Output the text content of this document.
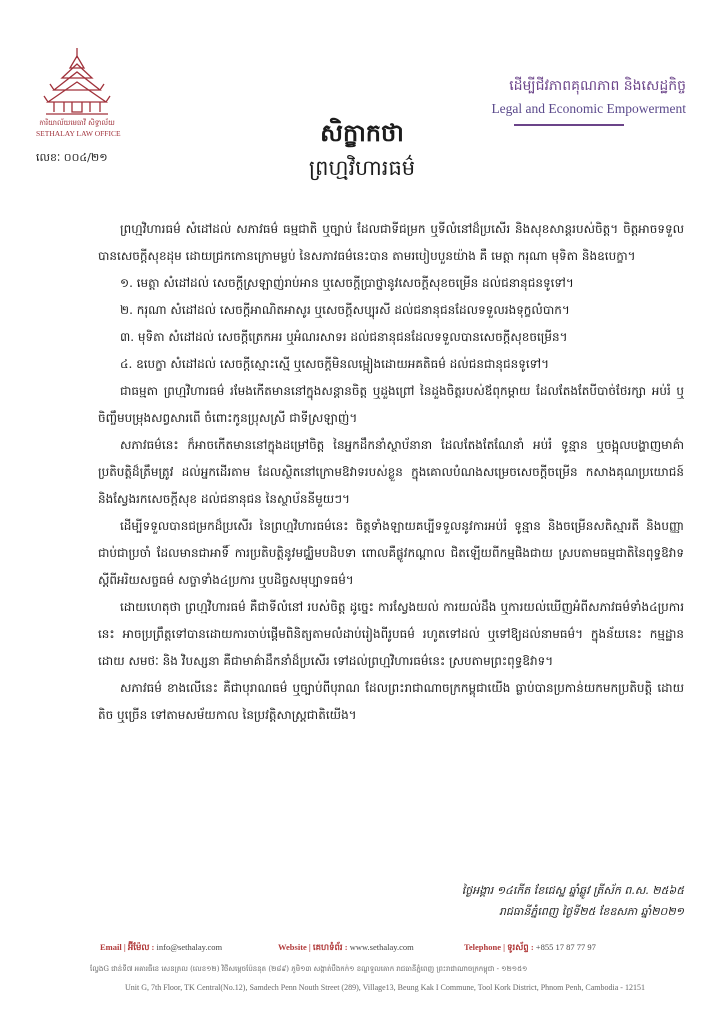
ការិយាល័យមេធាវី សិទ្ធាល័យ
SETHALAY LAW OFFICE
លេខៈ ០០៤/២១
ដើម្បីជីវភាពគុណភាព និងសេដ្ឋកិច្ច
Legal and Economic Empowerment
សិក្ខាកថា
ព្រហ្មវិហារធម៌

ព្រហ្មវិហារធម៌ សំដៅដល់ សភាវធម៌ ធម្មជាតិ ឬច្បាប់ ដែលជាទីជម្រក ឬទីលំនៅដ៏ប្រសើរ និងសុខសាន្តរបស់ចិត្ត។ ចិត្តអាចទទួលបានសេចក្តីសុខដុម ដោយជ្រកកោនក្រោមម្លប់ នៃសភាវធម៌នេះបាន តាមរបៀបបួនយ៉ាង គឺ មេត្តា ករុណា មុទិតា និងឧបេក្ខា។

១. មេត្តា សំដៅដល់ សេចក្តីស្រឡាញ់រាប់អាន ឬសេចក្តីប្រាថ្នានូវសេចក្តីសុខចម្រើន ដល់ជនានុជនទូទៅ។

២. ករុណា សំដៅដល់ សេចក្តីអាណិតអាសូរ ឬសេចក្តីសប្បុរសី ដល់ជនានុជនដែលទទួលរងទុក្ខលំបាក។

៣. មុទិតា សំដៅដល់ សេចក្តីត្រេកអរ ឬអំណរសាទរ ដល់ជនានុជនដែលទទួលបានសេចក្តីសុខចម្រើន។

៤. ឧបេក្ខា សំដៅដល់ សេចក្តីស្មោះស្មើ ឬសេចក្តីមិនលម្អៀងដោយអគតិធម៌ ដល់ជនជានុជនទូទៅ។

ជាធម្មតា ព្រហ្មវិហារធម៌ រមែងកើតមាននៅក្នុងសន្តានចិត្ត ឬដួងព្រៅ នៃដួងចិត្តរបស់ឪពុកម្តាយ ដែលតែងតែបីបាច់ថែរក្សា អប់រំ ឬចិញ្ចឹមបម្រុងសព្វសារពើ ចំពោះកូនប្រុសស្រី ជាទីស្រឡាញ់។

សភាវធម៌នេះ ក៏អាចកើតមាននៅក្នុងដម្រៅចិត្ត នៃអ្នកដឹកនាំស្ថាប័នានា ដែលតែងតែណែនាំ អប់រំ ទូន្មាន ឬចង្អុលបង្ហាញមាគ៌ាប្រតិបត្តិដ៏ត្រឹមត្រូវ ដល់អ្នកដើរតាម ដែលស្ថិតនៅក្រោមឱវាទរបស់ខ្លួន ក្នុងគោលបំណងសម្រេចសេចក្តីចម្រើន កសាងគុណប្រយោជន៍ និងស្វែងរកសេចក្តីសុខ ដល់ជនានុជន នៃស្ថាប័ននីមួយៗ។

ដើម្បីទទួលបានជម្រកដ៏ប្រសើរ នៃព្រហ្មវិហារធម៌នេះ ចិត្តទាំងឡាយគប្បីទទួលនូវការអប់រំ ទូន្មាន និងចម្រើនសតិស្មារតី និងបញ្ញា ជាប់ជាប្រចាំ ដែលមានជាអាទិ៍ ការប្រតិបត្តិនូវមជ្ឈិមបដិបទា ពោលគឺផ្លូវកណ្តាល ជិតឡើយពីកម្មផិងជាយ ស្របតាមធម្មជាតិនៃពុទ្ធឱវាទស្តីពីអរិយសច្ចធម៌ សច្ចាទាំង៤ប្រការ ឬបដិច្ចសមុប្បាទធម៌។

ដោយហេតុថា ព្រហ្មវិហារធម៌ គឺជាទីលំនៅ របស់ចិត្ត ដូច្នេះ ការស្វែងយល់ ការយល់ដឹង ឬការយល់ឃើញអំពីសភាវធម៌ទាំង៤ប្រការនេះ អាចប្រព្រឹត្តទៅបានដោយការចាប់ផ្តើមពិនិត្យតាមលំដាប់រៀងពីរូបធម៌ រហូតទៅដល់ ឬទៅឱ្យដល់នាមធម៌។ ក្នុងន័យនេះ កម្មដ្ឋាន ដោយ សមថៈ និង វិបស្សនា គឺជាមាគ៌ាដឹកនាំដ៏ប្រសើរ ទៅដល់ព្រហ្មវិហារធម៌នេះ ស្របតាមព្រះពុទ្ធឱវាទ។

សភាវធម៌ ខាងលើនេះ គឺជាបុរាណធម៌ ឬច្បាប់ពីបុរាណ ដែលព្រះរាជាណាចក្រកម្ពុជាយើង ធ្លាប់បានប្រកាន់យកមកប្រតិបត្តិ ដោយតិច ឬច្រើន ទៅតាមសម័យកាល នៃប្រវត្តិសាស្ត្រជាតិយើង។

ថ្ងៃអង្គារ ១៤កើត ខែជេស្ឋ ឆ្នាំឆ្លូវ ត្រីស័ក ព.ស. ២៥៦៥
រាជធានីភ្នំពេញ ថ្ងៃទី២៥ ខែឧសភា ឆ្នាំ២០២១
Email | អ៊ីម៉ែល : info@sethalay.com	Website | គេហទំព័រ : www.sethalay.com	Telephone | ទូរស័ព្ទ : +855 17 87 77 97
ល្វែងG ជាន់ទី៧ អគារធីខេ សេនត្រល (លេខ១២) វិថីសម្តេចប៉ែននុត (២៨៩) ភូមិ១៣ សង្កាត់បឹងកក់១ ខណ្ឌទួលគោក រាជធានីភ្នំពេញ ព្រះរាជាណាចក្រកម្ពុជា - ១២១៥១
Unit G, 7th Floor, TK Central(No.12), Samdech Penn Nouth Street (289), Village13, Beung Kak I Commune, Tool Kork District, Phnom Penh, Cambodia - 12151
